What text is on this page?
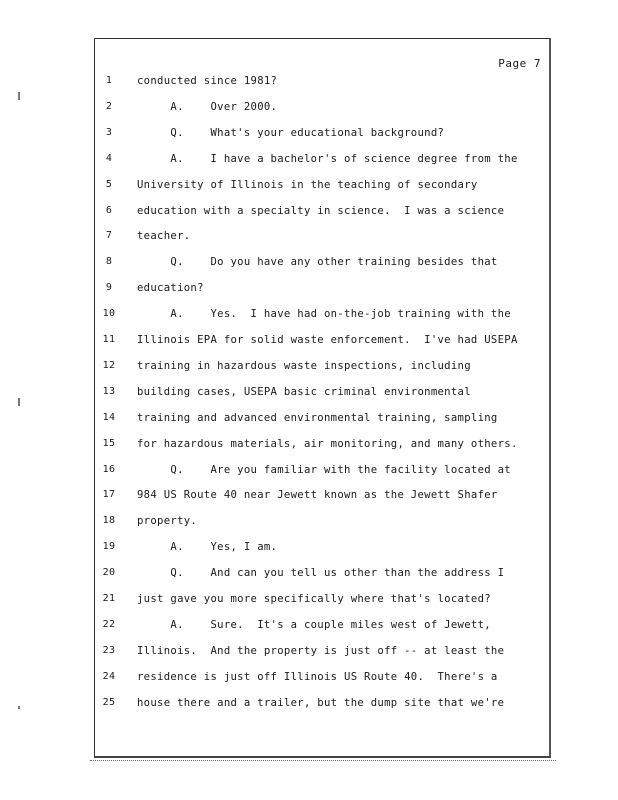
Page 7
1	conducted since 1981?
2	A.    Over 2000.
3	Q.    What's your educational background?
4	A.    I have a bachelor's of science degree from the
5	University of Illinois in the teaching of secondary
6	education with a specialty in science.  I was a science
7	teacher.
8	Q.    Do you have any other training besides that
9	education?
10	A.    Yes.  I have had on-the-job training with the
11	Illinois EPA for solid waste enforcement.  I've had USEPA
12	training in hazardous waste inspections, including
13	building cases, USEPA basic criminal environmental
14	training and advanced environmental training, sampling
15	for hazardous materials, air monitoring, and many others.
16	Q.    Are you familiar with the facility located at
17	984 US Route 40 near Jewett known as the Jewett Shafer
18	property.
19	A.    Yes, I am.
20	Q.    And can you tell us other than the address I
21	just gave you more specifically where that's located?
22	A.    Sure.  It's a couple miles west of Jewett,
23	Illinois.  And the property is just off -- at least the
24	residence is just off Illinois US Route 40.  There's a
25	house there and a trailer, but the dump site that we're
